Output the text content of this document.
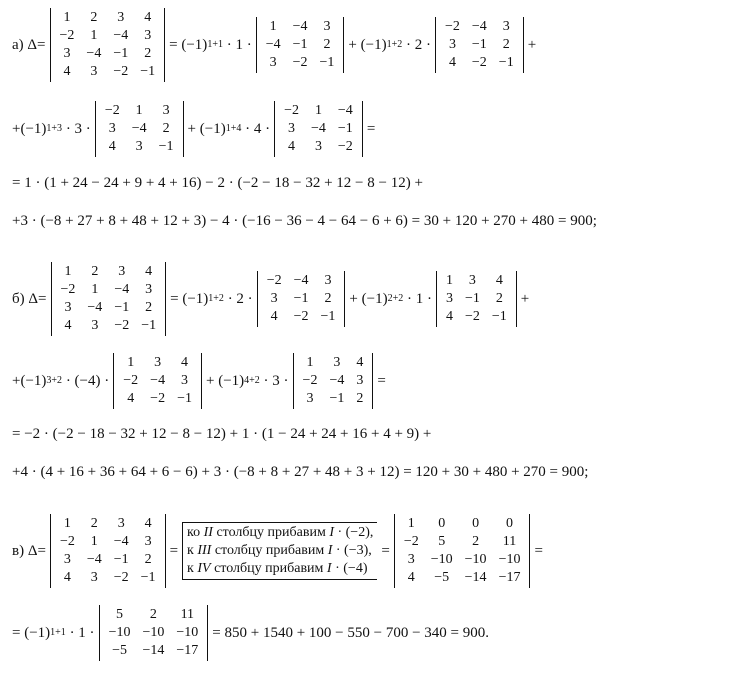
а)
Δ=
1	2	3	4
−2	1	−4	3
3	−4	−1	2
4	3	−2	−1
= (−1) 1+1
· 1 ·
1	−4	3
−4	−1	2
3	−2	−1
+ (−1) 1+2
· 2 ·
−2	−4	3
3	−1	2
4	−2	−1
+
+(−1) 1+3
· 3 ·
−2	1	3
3	−4	2
4	3	−1
+ (−1) 1+4
· 4 ·
−2	1	−4
3	−4	−1
4	3	−2
=
= 1 · (1 + 24 − 24 + 9 + 4 + 16) − 2 · (−2 − 18 − 32 + 12 − 8 − 12) +
+3 · (−8 + 27 + 8 + 48 + 12 + 3) − 4 · (−16 − 36 − 4 − 64 − 6 + 6) = 30 + 120 + 270 + 480 = 900;
б)
Δ=
1	2	3	4
−2	1	−4	3
3	−4	−1	2
4	3	−2	−1
= (−1) 1+2
· 2 ·
−2	−4	3
3	−1	2
4	−2	−1
+ (−1) 2+2
· 1 ·
1	3	4
3	−1	2
4	−2	−1
+
+(−1) 3+2
· (−4) ·
1	3	4
−2	−4	3
4	−2	−1
+ (−1) 4+2
· 3 ·
1	3	4
−2	−4	3
3	−1	2
=
= −2 · (−2 − 18 − 32 + 12 − 8 − 12) + 1 · (1 − 24 + 24 + 16 + 4 + 9) +
+4 · (4 + 16 + 36 + 64 + 6 − 6) + 3 · (−8 + 8 + 27 + 48 + 3 + 12) = 120 + 30 + 480 + 270 = 900;
в)
Δ=
1	2	3	4
−2	1	−4	3
3	−4	−1	2
4	3	−2	−1
=
ко II столбцу прибавим I · (−2),
к III столбцу прибавим I · (−3),
к IV столбцу прибавим I · (−4)
=
1	0	0	0
−2	5	2	11
3	−10	−10	−10
4	−5	−14	−17
=
= (−1) 1+1
· 1 ·
5	2	11
−10	−10	−10
−5	−14	−17
= 850 + 1540 + 100 − 550 − 700 − 340 = 900.
